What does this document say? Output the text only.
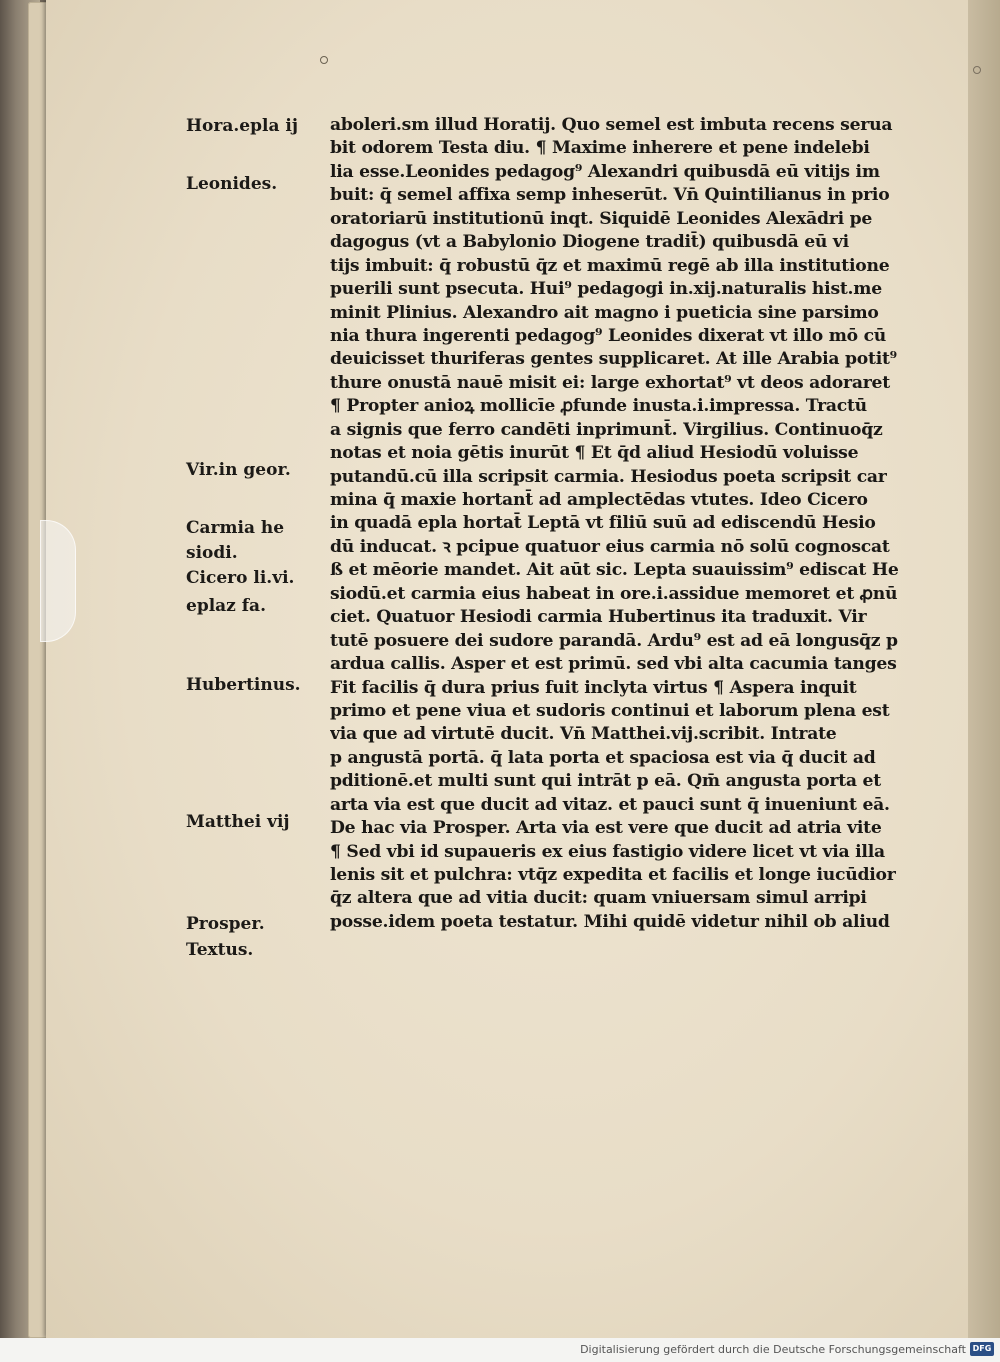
Hora.epla ij
Leonides.
Vir.in geor.
Carmia he
siodi.
Cicero li.vi.
eplaz fa.
Hubertinus.
Matthei vij
Prosper.
Textus.
aboleri.sm illud Horatij. Quo semel est imbuta recens serua
bit odorem Testa diu. ¶ Maxime inherere et pene indelebi
lia esse.Leonides pedagog⁹ Alexandri quibusdā eū vitijs im
buit: q̄ semel affixa semp inheserūt. Vn̄ Quintilianus in prio
oratoriarū institutionū inqt. Siquidē Leonides Alexādri pe
dagogus (vt a Babylonio Diogene tradit̄) quibusdā eū vi
tijs imbuit: q̄ robustū q̄z et maximū regē ab illa institutione
puerili sunt psecuta. Hui⁹ pedagogi in.xij.naturalis hist.me
minit Plinius. Alexandro ait magno i pueticia sine parsimo
nia thura ingerenti pedagog⁹ Leonides dixerat vt illo mō cū
deuicisset thuriferas gentes supplicaret. At ille Arabia potit⁹
thure onustā nauē misit ei: large exhortat⁹ vt deos adoraret
¶ Propter anioꝝ mollicīe ꝓfunde inusta.i.impressa. Tractū
a signis que ferro candēti inprimunt̄. Virgilius. Continuoq̄z
notas et noia gētis inurūt ¶ Et q̄d aliud Hesiodū voluisse
putandū.cū illa scripsit carmia. Hesiodus poeta scripsit car
mina q̄ maxie hortant̄ ad amplectēdas vtutes. Ideo Cicero
in quadā epla hortat̄ Leptā vt filiū suū ad ediscendū Hesio
dū inducat. ꝛ pcipue quatuor eius carmia nō solū cognoscat
ß et mēorie mandet. Ait aūt sic. Lepta suauissim⁹ ediscat He
siodū.et carmia eius habeat in ore.i.assidue memoret et ꝓnū
ciet. Quatuor Hesiodi carmia Hubertinus ita traduxit. Vir
tutē posuere dei sudore parandā. Ardu⁹ est ad eā longusq̄z p
ardua callis. Asper et est primū. sed vbi alta cacumia tanges
Fit facilis q̄ dura prius fuit inclyta virtus ¶ Aspera inquit
primo et pene viua et sudoris continui et laborum plena est
via que ad virtutē ducit. Vn̄ Matthei.vij.scribit. Intrate
p angustā portā. q̄ lata porta et spaciosa est via q̄ ducit ad
pditionē.et multi sunt qui intrāt p eā. Qm̄ angusta porta et
arta via est que ducit ad vitaz. et pauci sunt q̄ inueniunt eā.
De hac via Prosper. Arta via est vere que ducit ad atria vite
¶ Sed vbi id supaueris ex eius fastigio videre licet vt via illa
lenis sit et pulchra: vtq̄z expedita et facilis et longe iucūdior
q̄z altera que ad vitia ducit: quam vniuersam simul arripi
posse.idem poeta testatur. Mihi quidē videtur nihil ob aliud
Digitalisierung gefördert durch die Deutsche Forschungsgemeinschaft DFG
